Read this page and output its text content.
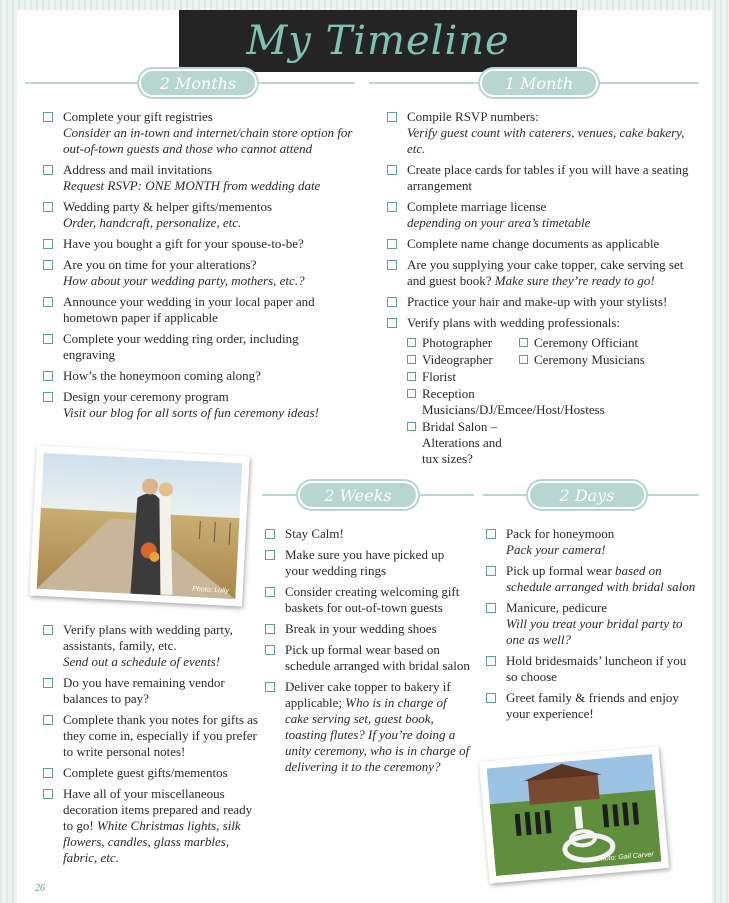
My Timeline
2 Months	1 Month
Complete your gift registries
Consider an in-town and internet/chain store option for out-of-town guests and those who cannot attend
Address and mail invitations
Request RSVP: ONE MONTH from wedding date
Wedding party & helper gifts/mementos
Order, handcraft, personalize, etc.
Have you bought a gift for your spouse-to-be?
Are you on time for your alterations?
How about your wedding party, mothers, etc.?
Announce your wedding in your local paper and hometown paper if applicable
Complete your wedding ring order, including engraving
How’s the honeymoon coming along?
Design your ceremony program
Visit our blog for all sorts of fun ceremony ideas!
Compile RSVP numbers:
Verify guest count with caterers, venues, cake bakery, etc.
Create place cards for tables if you will have a seating arrangement
Complete marriage license
depending on your area’s timetable
Complete name change documents as applicable
Are you supplying your cake topper, cake serving set and guest book? Make sure they’re ready to go!
Practice your hair and make-up with your stylists!
Verify plans with wedding professionals:
Photographer	Ceremony Officiant
Videographer	Ceremony Musicians
Florist
Reception Musicians/DJ/Emcee/Host/Hostess
Bridal Salon – Alterations and tux sizes?
Photo: Lully
Verify plans with wedding party, assistants, family, etc.
Send out a schedule of events!
Do you have remaining vendor balances to pay?
Complete thank you notes for gifts as they come in, especially if you prefer to write personal notes!
Complete guest gifts/mementos
Have all of your miscellaneous decoration items prepared and ready to go! White Christmas lights, silk flowers, candles, glass marbles, fabric, etc.
2 Weeks	2 Days
Stay Calm!
Make sure you have picked up your wedding rings
Consider creating welcoming gift baskets for out-of-town guests
Break in your wedding shoes
Pick up formal wear based on schedule arranged with bridal salon
Deliver cake topper to bakery if applicable; Who is in charge of cake serving set, guest book, toasting flutes? If you’re doing a unity ceremony, who is in charge of delivering it to the ceremony?
Pack for honeymoon
Pack your camera!
Pick up formal wear based on schedule arranged with bridal salon
Manicure, pedicure
Will you treat your bridal party to one as well?
Hold bridesmaids’ luncheon if you so choose
Greet family & friends and enjoy your experience!
Photo: Gail Carver
26
